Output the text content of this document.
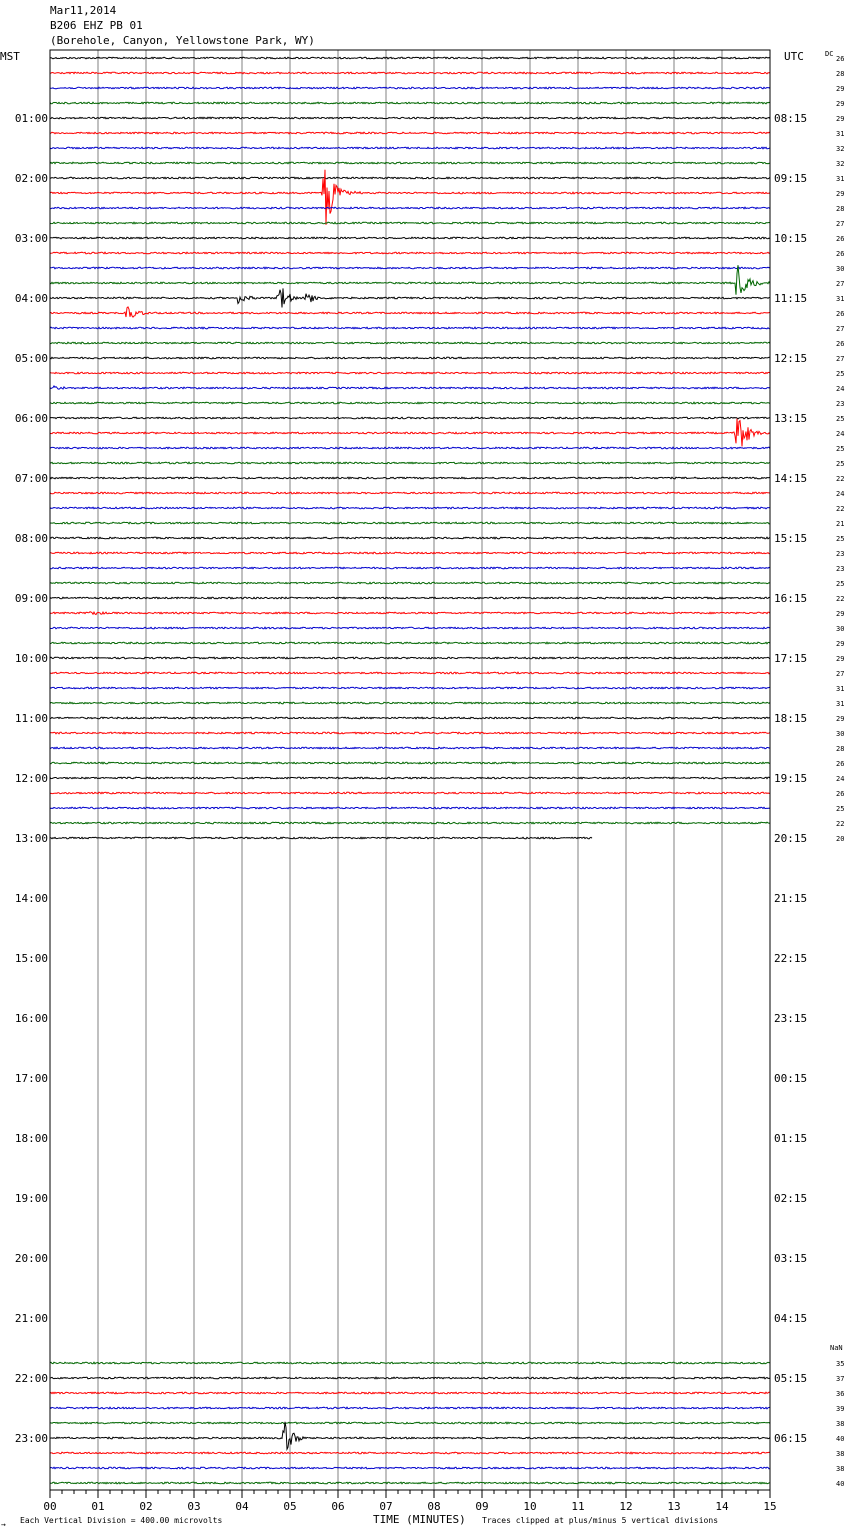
Mar11,2014
B206 EHZ PB 01
(Borehole, Canyon, Yellowstone Park, WY)
00	01	02	03	04	05	06	07	08	09	10	11	12	13	14	15
01:00	08:15
02:00	09:15
03:00	10:15
04:00	11:15
05:00	12:15
06:00	13:15
07:00	14:15
08:00	15:15
09:00	16:15
10:00	17:15
11:00	18:15
12:00	19:15
13:00	20:15
14:00	21:15
15:00	22:15
16:00	23:15
17:00	00:15
18:00	01:15
19:00	02:15
20:00	03:15
21:00	04:15
22:00	05:15
23:00	06:15
26
28
29
29
29
31
32
32
31
29
28
27
26
26
30
27
31
26
27
26
27
25
24
23
25
24
25
25
22
24
22
21
25
23
23
25
22
29
30
29
29
27
31
31
29
30
28
26
24
26
25
22
20
35
37
36
39
38
40
38
38
40
MST	UTC	DC
NaN
→ Each Vertical Division = 400.00 microvolts	TIME (MINUTES) Traces clipped at plus/minus 5 vertical divisions
